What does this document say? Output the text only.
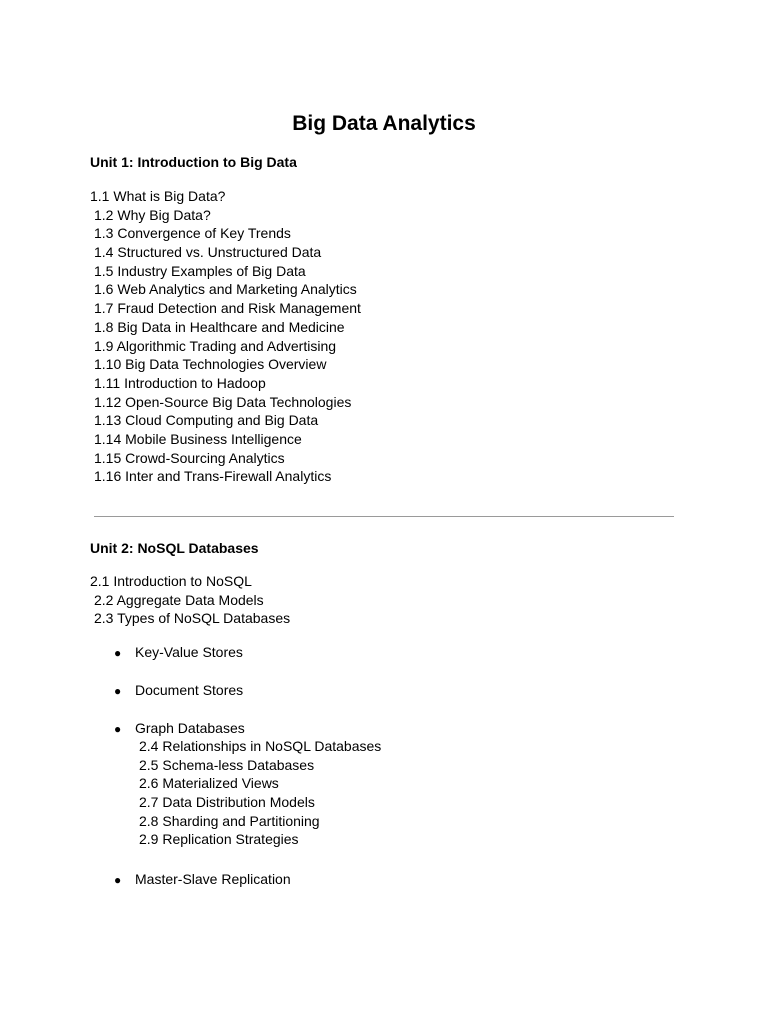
Big Data Analytics
Unit 1: Introduction to Big Data
1.1 What is Big Data?
1.2 Why Big Data?
1.3 Convergence of Key Trends
1.4 Structured vs. Unstructured Data
1.5 Industry Examples of Big Data
1.6 Web Analytics and Marketing Analytics
1.7 Fraud Detection and Risk Management
1.8 Big Data in Healthcare and Medicine
1.9 Algorithmic Trading and Advertising
1.10 Big Data Technologies Overview
1.11 Introduction to Hadoop
1.12 Open-Source Big Data Technologies
1.13 Cloud Computing and Big Data
1.14 Mobile Business Intelligence
1.15 Crowd-Sourcing Analytics
1.16 Inter and Trans-Firewall Analytics
Unit 2: NoSQL Databases
2.1 Introduction to NoSQL
2.2 Aggregate Data Models
2.3 Types of NoSQL Databases
● Key-Value Stores
● Document Stores
● Graph Databases
2.4 Relationships in NoSQL Databases
2.5 Schema-less Databases
2.6 Materialized Views
2.7 Data Distribution Models
2.8 Sharding and Partitioning
2.9 Replication Strategies
● Master-Slave Replication
